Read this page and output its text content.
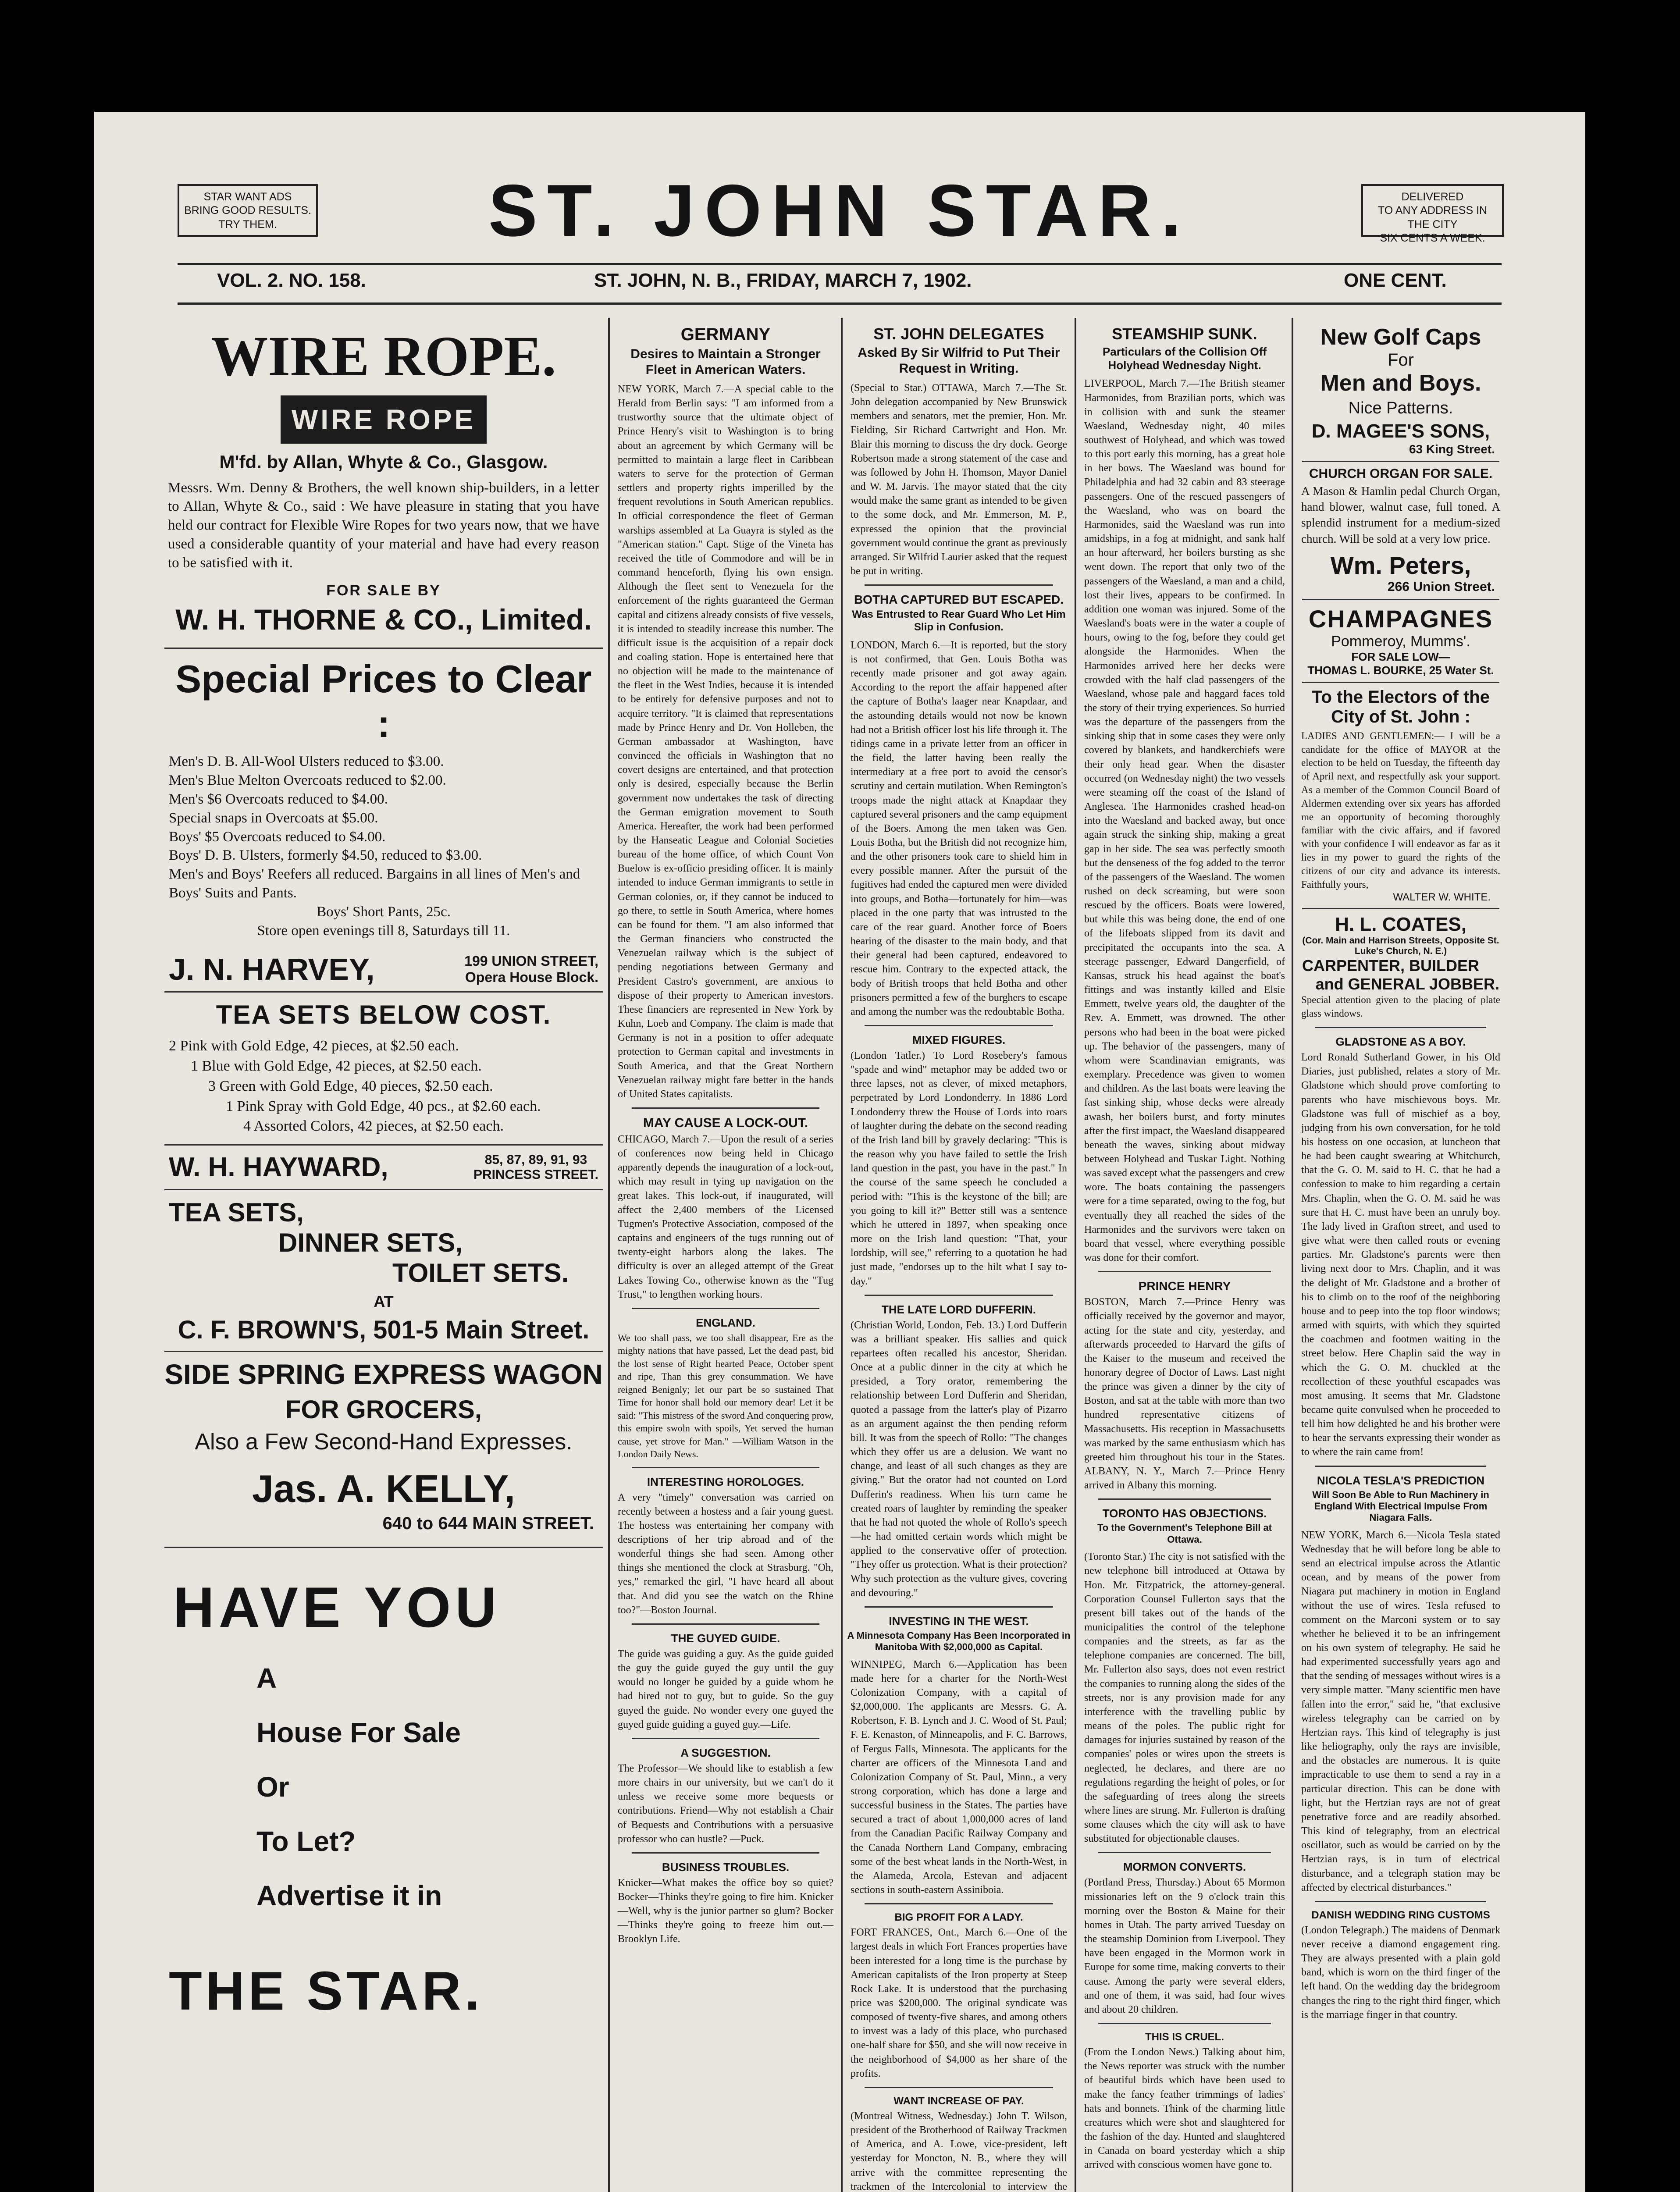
STAR WANT ADS
BRING GOOD RESULTS.
TRY THEM.	ST. JOHN STAR.	DELIVERED
TO ANY ADDRESS IN THE CITY
SIX CENTS A WEEK.
VOL. 2. NO. 158.	ST. JOHN, N. B., FRIDAY, MARCH 7, 1902.	ONE CENT.
WIRE ROPE.
WIRE ROPE
M'fd. by Allan, Whyte & Co., Glasgow.
Messrs. Wm. Denny & Brothers, the well known ship-builders, in a letter to Allan, Whyte & Co., said : We have pleasure in stating that you have held our contract for Flexible Wire Ropes for two years now, that we have used a considerable quantity of your material and have had every reason to be satisfied with it.
FOR SALE BY
W. H. THORNE & CO., Limited.
Special Prices to Clear :
Men's D. B. All-Wool Ulsters reduced to $3.00.
Men's Blue Melton Overcoats reduced to $2.00.
Men's $6 Overcoats reduced to $4.00.
Special snaps in Overcoats at $5.00.
Boys' $5 Overcoats reduced to $4.00.
Boys' D. B. Ulsters, formerly $4.50, reduced to $3.00.
Men's and Boys' Reefers all reduced. Bargains in all lines of Men's and Boys' Suits and Pants.
Boys' Short Pants, 25c.
Store open evenings till 8, Saturdays till 11.
J. N. HARVEY,	199 UNION STREET,
Opera House Block.
TEA SETS BELOW COST.
2 Pink with Gold Edge, 42 pieces, at $2.50 each.
1 Blue with Gold Edge, 42 pieces, at $2.50 each.
3 Green with Gold Edge, 40 pieces, $2.50 each.
1 Pink Spray with Gold Edge, 40 pcs., at $2.60 each.
4 Assorted Colors, 42 pieces, at $2.50 each.
W. H. HAYWARD,	85, 87, 89, 91, 93
PRINCESS STREET.
TEA SETS,
DINNER SETS,
TOILET SETS.
AT
C. F. BROWN'S, 501-5 Main Street.
SIDE SPRING EXPRESS WAGON
FOR GROCERS,
Also a Few Second-Hand Expresses.
Jas. A. KELLY,
640 to 644 MAIN STREET.
HAVE YOU
A
House For Sale
Or
To Let?
Advertise it in
THE STAR.
GERMANY
Desires to Maintain a Stronger Fleet in American Waters.
NEW YORK, March 7.—A special cable to the Herald from Berlin says: "I am informed from a trustworthy source that the ultimate object of Prince Henry's visit to Washington is to bring about an agreement by which Germany will be permitted to maintain a large fleet in Caribbean waters to serve for the protection of German settlers and property rights imperilled by the frequent revolutions in South American republics. In official correspondence the fleet of German warships assembled at La Guayra is styled as the "American station." Capt. Stige of the Vineta has received the title of Commodore and will be in command henceforth, flying his own ensign. Although the fleet sent to Venezuela for the enforcement of the rights guaranteed the German capital and citizens already consists of five vessels, it is intended to steadily increase this number. The difficult issue is the acquisition of a repair dock and coaling station. Hope is entertained here that no objection will be made to the maintenance of the fleet in the West Indies, because it is intended to be entirely for defensive purposes and not to acquire territory. "It is claimed that representations made by Prince Henry and Dr. Von Holleben, the German ambassador at Washington, have convinced the officials in Washington that no covert designs are entertained, and that protection only is desired, especially because the Berlin government now undertakes the task of directing the German emigration movement to South America. Hereafter, the work had been performed by the Hanseatic League and Colonial Societies bureau of the home office, of which Count Von Buelow is ex-officio presiding officer. It is mainly intended to induce German immigrants to settle in German colonies, or, if they cannot be induced to go there, to settle in South America, where homes can be found for them. "I am also informed that the German financiers who constructed the Venezuelan railway which is the subject of pending negotiations between Germany and President Castro's government, are anxious to dispose of their property to American investors. These financiers are represented in New York by Kuhn, Loeb and Company. The claim is made that Germany is not in a position to offer adequate protection to German capital and investments in South America, and that the Great Northern Venezuelan railway might fare better in the hands of United States capitalists.
MAY CAUSE A LOCK-OUT.
CHICAGO, March 7.—Upon the result of a series of conferences now being held in Chicago apparently depends the inauguration of a lock-out, which may result in tying up navigation on the great lakes. This lock-out, if inaugurated, will affect the 2,400 members of the Licensed Tugmen's Protective Association, composed of the captains and engineers of the tugs running out of twenty-eight harbors along the lakes. The difficulty is over an alleged attempt of the Great Lakes Towing Co., otherwise known as the "Tug Trust," to lengthen working hours.
ENGLAND.
We too shall pass, we too shall disappear, Ere as the mighty nations that have passed, Let the dead past, bid the lost sense of Right hearted Peace, October spent and ripe, Than this grey consummation. We have reigned Benignly; let our part be so sustained That Time for honor shall hold our memory dear! Let it be said: "This mistress of the sword And conquering prow, this empire swoln with spoils, Yet served the human cause, yet strove for Man." —William Watson in the London Daily News.
INTERESTING HOROLOGES.
A very "timely" conversation was carried on recently between a hostess and a fair young guest. The hostess was entertaining her company with descriptions of her trip abroad and of the wonderful things she had seen. Among other things she mentioned the clock at Strasburg. "Oh, yes," remarked the girl, "I have heard all about that. And did you see the watch on the Rhine too?"—Boston Journal.
THE GUYED GUIDE.
The guide was guiding a guy. As the guide guided the guy the guide guyed the guy until the guy would no longer be guided by a guide whom he had hired not to guy, but to guide. So the guy guyed the guide. No wonder every one guyed the guyed guide guiding a guyed guy.—Life.
A SUGGESTION.
The Professor—We should like to establish a few more chairs in our university, but we can't do it unless we receive some more bequests or contributions. Friend—Why not establish a Chair of Bequests and Contributions with a persuasive professor who can hustle? —Puck.
BUSINESS TROUBLES.
Knicker—What makes the office boy so quiet? Bocker—Thinks they're going to fire him. Knicker—Well, why is the junior partner so glum? Bocker—Thinks they're going to freeze him out.—Brooklyn Life.
ST. JOHN DELEGATES
Asked By Sir Wilfrid to Put Their Request in Writing.
(Special to Star.) OTTAWA, March 7.—The St. John delegation accompanied by New Brunswick members and senators, met the premier, Hon. Mr. Fielding, Sir Richard Cartwright and Hon. Mr. Blair this morning to discuss the dry dock. George Robertson made a strong statement of the case and was followed by John H. Thomson, Mayor Daniel and W. M. Jarvis. The mayor stated that the city would make the same grant as intended to be given to the some dock, and Mr. Emmerson, M. P., expressed the opinion that the provincial government would continue the grant as previously arranged. Sir Wilfrid Laurier asked that the request be put in writing.
BOTHA CAPTURED BUT ESCAPED.
Was Entrusted to Rear Guard Who Let Him Slip in Confusion.
LONDON, March 6.—It is reported, but the story is not confirmed, that Gen. Louis Botha was recently made prisoner and got away again. According to the report the affair happened after the capture of Botha's laager near Knapdaar, and the astounding details would not now be known had not a British officer lost his life through it. The tidings came in a private letter from an officer in the field, the latter having been really the intermediary at a free port to avoid the censor's scrutiny and certain mutilation. When Remington's troops made the night attack at Knapdaar they captured several prisoners and the camp equipment of the Boers. Among the men taken was Gen. Louis Botha, but the British did not recognize him, and the other prisoners took care to shield him in every possible manner. After the pursuit of the fugitives had ended the captured men were divided into groups, and Botha—fortunately for him—was placed in the one party that was intrusted to the care of the rear guard. Another force of Boers hearing of the disaster to the main body, and that their general had been captured, endeavored to rescue him. Contrary to the expected attack, the body of British troops that held Botha and other prisoners permitted a few of the burghers to escape and among the number was the redoubtable Botha.
MIXED FIGURES.
(London Tatler.) To Lord Rosebery's famous "spade and wind" metaphor may be added two or three lapses, not as clever, of mixed metaphors, perpetrated by Lord Londonderry. In 1886 Lord Londonderry threw the House of Lords into roars of laughter during the debate on the second reading of the Irish land bill by gravely declaring: "This is the reason why you have failed to settle the Irish land question in the past, you have in the past." In the course of the same speech he concluded a period with: "This is the keystone of the bill; are you going to kill it?" Better still was a sentence which he uttered in 1897, when speaking once more on the Irish land question: "That, your lordship, will see," referring to a quotation he had just made, "endorses up to the hilt what I say to-day."
THE LATE LORD DUFFERIN.
(Christian World, London, Feb. 13.) Lord Dufferin was a brilliant speaker. His sallies and quick repartees often recalled his ancestor, Sheridan. Once at a public dinner in the city at which he presided, a Tory orator, remembering the relationship between Lord Dufferin and Sheridan, quoted a passage from the latter's play of Pizarro as an argument against the then pending reform bill. It was from the speech of Rollo: "The changes which they offer us are a delusion. We want no change, and least of all such changes as they are giving." But the orator had not counted on Lord Dufferin's readiness. When his turn came he created roars of laughter by reminding the speaker that he had not quoted the whole of Rollo's speech—he had omitted certain words which might be applied to the conservative offer of protection. "They offer us protection. What is their protection? Why such protection as the vulture gives, covering and devouring."
INVESTING IN THE WEST.
A Minnesota Company Has Been Incorporated in Manitoba With $2,000,000 as Capital.
WINNIPEG, March 6.—Application has been made here for a charter for the North-West Colonization Company, with a capital of $2,000,000. The applicants are Messrs. G. A. Robertson, F. B. Lynch and J. C. Wood of St. Paul; F. E. Kenaston, of Minneapolis, and F. C. Barrows, of Fergus Falls, Minnesota. The applicants for the charter are officers of the Minnesota Land and Colonization Company of St. Paul, Minn., a very strong corporation, which has done a large and successful business in the States. The parties have secured a tract of about 1,000,000 acres of land from the Canadian Pacific Railway Company and the Canada Northern Land Company, embracing some of the best wheat lands in the North-West, in the Alameda, Arcola, Estevan and adjacent sections in south-eastern Assiniboia.
BIG PROFIT FOR A LADY.
FORT FRANCES, Ont., March 6.—One of the largest deals in which Fort Frances properties have been interested for a long time is the purchase by American capitalists of the Iron property at Steep Rock Lake. It is understood that the purchasing price was $200,000. The original syndicate was composed of twenty-five shares, and among others to invest was a lady of this place, who purchased one-half share for $50, and she will now receive in the neighborhood of $4,000 as her share of the profits.
WANT INCREASE OF PAY.
(Montreal Witness, Wednesday.) John T. Wilson, president of the Brotherhood of Railway Trackmen of America, and A. Lowe, vice-president, left yesterday for Moncton, N. B., where they will arrive with the committee representing the trackmen of the Intercolonial to interview the
STEAMSHIP SUNK.
Particulars of the Collision Off Holyhead Wednesday Night.
LIVERPOOL, March 7.—The British steamer Harmonides, from Brazilian ports, which was in collision with and sunk the steamer Waesland, Wednesday night, 40 miles southwest of Holyhead, and which was towed to this port early this morning, has a great hole in her bows. The Waesland was bound for Philadelphia and had 32 cabin and 83 steerage passengers. One of the rescued passengers of the Waesland, who was on board the Harmonides, said the Waesland was run into amidships, in a fog at midnight, and sank half an hour afterward, her boilers bursting as she went down. The report that only two of the passengers of the Waesland, a man and a child, lost their lives, appears to be confirmed. In addition one woman was injured. Some of the Waesland's boats were in the water a couple of hours, owing to the fog, before they could get alongside the Harmonides. When the Harmonides arrived here her decks were crowded with the half clad passengers of the Waesland, whose pale and haggard faces told the story of their trying experiences. So hurried was the departure of the passengers from the sinking ship that in some cases they were only covered by blankets, and handkerchiefs were their only head gear. When the disaster occurred (on Wednesday night) the two vessels were steaming off the coast of the Island of Anglesea. The Harmonides crashed head-on into the Waesland and backed away, but once again struck the sinking ship, making a great gap in her side. The sea was perfectly smooth but the denseness of the fog added to the terror of the passengers of the Waesland. The women rushed on deck screaming, but were soon rescued by the officers. Boats were lowered, but while this was being done, the end of one of the lifeboats slipped from its davit and precipitated the occupants into the sea. A steerage passenger, Edward Dangerfield, of Kansas, struck his head against the boat's fittings and was instantly killed and Elsie Emmett, twelve years old, the daughter of the Rev. A. Emmett, was drowned. The other persons who had been in the boat were picked up. The behavior of the passengers, many of whom were Scandinavian emigrants, was exemplary. Precedence was given to women and children. As the last boats were leaving the fast sinking ship, whose decks were already awash, her boilers burst, and forty minutes after the first impact, the Waesland disappeared beneath the waves, sinking about midway between Holyhead and Tuskar Light. Nothing was saved except what the passengers and crew wore. The boats containing the passengers were for a time separated, owing to the fog, but eventually they all reached the sides of the Harmonides and the survivors were taken on board that vessel, where everything possible was done for their comfort.
PRINCE HENRY
BOSTON, March 7.—Prince Henry was officially received by the governor and mayor, acting for the state and city, yesterday, and afterwards proceeded to Harvard the gifts of the Kaiser to the museum and received the honorary degree of Doctor of Laws. Last night the prince was given a dinner by the city of Boston, and sat at the table with more than two hundred representative citizens of Massachusetts. His reception in Massachusetts was marked by the same enthusiasm which has greeted him throughout his tour in the States. ALBANY, N. Y., March 7.—Prince Henry arrived in Albany this morning.
TORONTO HAS OBJECTIONS.
To the Government's Telephone Bill at Ottawa.
(Toronto Star.) The city is not satisfied with the new telephone bill introduced at Ottawa by Hon. Mr. Fitzpatrick, the attorney-general. Corporation Counsel Fullerton says that the present bill takes out of the hands of the municipalities the control of the telephone companies and the streets, as far as the telephone companies are concerned. The bill, Mr. Fullerton also says, does not even restrict the companies to running along the sides of the streets, nor is any provision made for any interference with the travelling public by means of the poles. The public right for damages for injuries sustained by reason of the companies' poles or wires upon the streets is neglected, he declares, and there are no regulations regarding the height of poles, or for the safeguarding of trees along the streets where lines are strung. Mr. Fullerton is drafting some clauses which the city will ask to have substituted for objectionable clauses.
MORMON CONVERTS.
(Portland Press, Thursday.) About 65 Mormon missionaries left on the 9 o'clock train this morning over the Boston & Maine for their homes in Utah. The party arrived Tuesday on the steamship Dominion from Liverpool. They have been engaged in the Mormon work in Europe for some time, making converts to their cause. Among the party were several elders, and one of them, it was said, had four wives and about 20 children.
THIS IS CRUEL.
(From the London News.) Talking about him, the News reporter was struck with the number of beautiful birds which have been used to make the fancy feather trimmings of ladies' hats and bonnets. Think of the charming little creatures which were shot and slaughtered for the fashion of the day. Hunted and slaughtered in Canada on board yesterday which a ship arrived with conscious women have gone to.
New Golf Caps
For
Men and Boys.
Nice Patterns.
D. MAGEE'S SONS,
63 King Street.
CHURCH ORGAN FOR SALE.
A Mason & Hamlin pedal Church Organ, hand blower, walnut case, full toned. A splendid instrument for a medium-sized church. Will be sold at a very low price.
Wm. Peters,
266 Union Street.
CHAMPAGNES
Pommeroy, Mumms'.
FOR SALE LOW—
THOMAS L. BOURKE, 25 Water St.
To the Electors of the
City of St. John :
LADIES AND GENTLEMEN:— I will be a candidate for the office of MAYOR at the election to be held on Tuesday, the fifteenth day of April next, and respectfully ask your support. As a member of the Common Council Board of Aldermen extending over six years has afforded me an opportunity of becoming thoroughly familiar with the civic affairs, and if favored with your confidence I will endeavor as far as it lies in my power to guard the rights of the citizens of our city and advance its interests. Faithfully yours,
WALTER W. WHITE.
H. L. COATES,
(Cor. Main and Harrison Streets, Opposite St. Luke's Church, N. E.)
CARPENTER, BUILDER
and GENERAL JOBBER.
Special attention given to the placing of plate glass windows.
GLADSTONE AS A BOY.
Lord Ronald Sutherland Gower, in his Old Diaries, just published, relates a story of Mr. Gladstone which should prove comforting to parents who have mischievous boys. Mr. Gladstone was full of mischief as a boy, judging from his own conversation, for he told his hostess on one occasion, at luncheon that he had been caught swearing at Whitchurch, that the G. O. M. said to H. C. that he had a confession to make to him regarding a certain Mrs. Chaplin, when the G. O. M. said he was sure that H. C. must have been an unruly boy. The lady lived in Grafton street, and used to give what were then called routs or evening parties. Mr. Gladstone's parents were then living next door to Mrs. Chaplin, and it was the delight of Mr. Gladstone and a brother of his to climb on to the roof of the neighboring house and to peep into the top floor windows; armed with squirts, with which they squirted the coachmen and footmen waiting in the street below. Here Chaplin said the way in which the G. O. M. chuckled at the recollection of these youthful escapades was most amusing. It seems that Mr. Gladstone became quite convulsed when he proceeded to tell him how delighted he and his brother were to hear the servants expressing their wonder as to where the rain came from!
NICOLA TESLA'S PREDICTION
Will Soon Be Able to Run Machinery in England With Electrical Impulse From Niagara Falls.
NEW YORK, March 6.—Nicola Tesla stated Wednesday that he will before long be able to send an electrical impulse across the Atlantic ocean, and by means of the power from Niagara put machinery in motion in England without the use of wires. Tesla refused to comment on the Marconi system or to say whether he believed it to be an infringement on his own system of telegraphy. He said he had experimented successfully years ago and that the sending of messages without wires is a very simple matter. "Many scientific men have fallen into the error," said he, "that exclusive wireless telegraphy can be carried on by Hertzian rays. This kind of telegraphy is just like heliography, only the rays are invisible, and the obstacles are numerous. It is quite impracticable to use them to send a ray in a particular direction. This can be done with light, but the Hertzian rays are not of great penetrative force and are readily absorbed. This kind of telegraphy, from an electrical oscillator, such as would be carried on by the Hertzian rays, is in turn of electrical disturbance, and a telegraph station may be affected by electrical disturbances."
DANISH WEDDING RING CUSTOMS
(London Telegraph.) The maidens of Denmark never receive a diamond engagement ring. They are always presented with a plain gold band, which is worn on the third finger of the left hand. On the wedding day the bridegroom changes the ring to the right third finger, which is the marriage finger in that country.
